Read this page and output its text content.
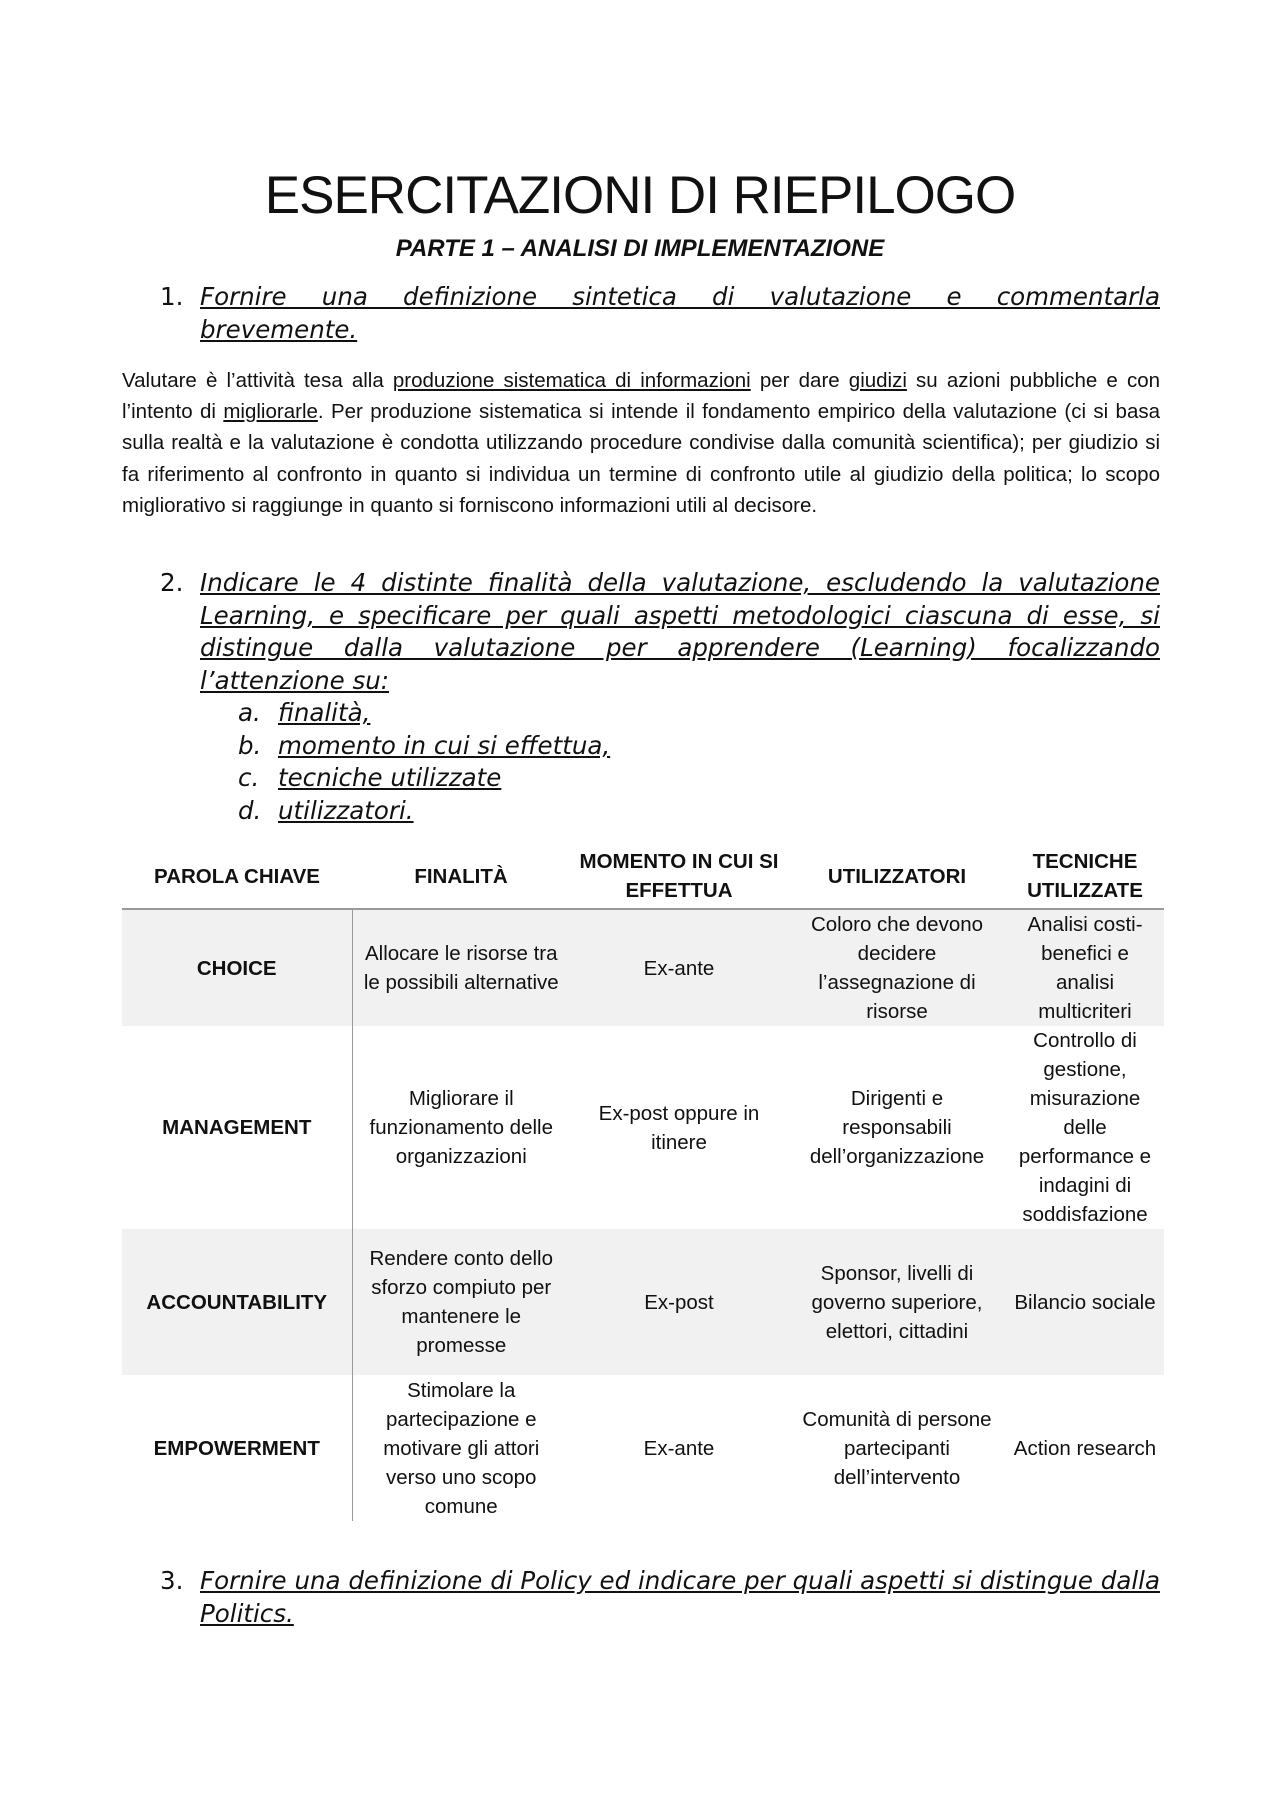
ESERCITAZIONI DI RIEPILOGO
PARTE 1 – ANALISI DI IMPLEMENTAZIONE
1. Fornire una definizione sintetica di valutazione e commentarla
brevemente.
Valutare è l’attività tesa alla produzione sistematica di informazioni per dare giudizi su azioni pubbliche e con l’intento di migliorarle. Per produzione sistematica si intende il fondamento empirico della valutazione (ci si basa sulla realtà e la valutazione è condotta utilizzando procedure condivise dalla comunità scientifica); per giudizio si fa riferimento al confronto in quanto si individua un termine di confronto utile al giudizio della politica; lo scopo migliorativo si raggiunge in quanto si forniscono informazioni utili al decisore.
2. Indicare le 4 distinte finalità della valutazione, escludendo la valutazione Learning, e specificare per quali aspetti metodologici ciascuna di esse, si distingue dalla valutazione per apprendere (Learning) focalizzando l’attenzione su:
a. finalità,
b. momento in cui si effettua,
c. tecniche utilizzate
d. utilizzatori.
PAROLA CHIAVE	FINALITÀ	MOMENTO IN CUI SI EFFETTUA	UTILIZZATORI	TECNICHE UTILIZZATE
CHOICE	Allocare le risorse tra le possibili alternative	Ex-ante	Coloro che devono decidere l’assegnazione di risorse	Analisi costi-benefici e analisi multicriteri
MANAGEMENT	Migliorare il funzionamento delle organizzazioni	Ex-post oppure in itinere	Dirigenti e responsabili dell’organizzazione	Controllo di gestione, misurazione delle performance e indagini di soddisfazione
ACCOUNTABILITY	Rendere conto dello sforzo compiuto per mantenere le promesse	Ex-post	Sponsor, livelli di governo superiore, elettori, cittadini	Bilancio sociale
EMPOWERMENT	Stimolare la partecipazione e motivare gli attori verso uno scopo comune	Ex-ante	Comunità di persone partecipanti dell’intervento	Action research
3. Fornire una definizione di Policy ed indicare per quali aspetti si distingue dalla Politics.
